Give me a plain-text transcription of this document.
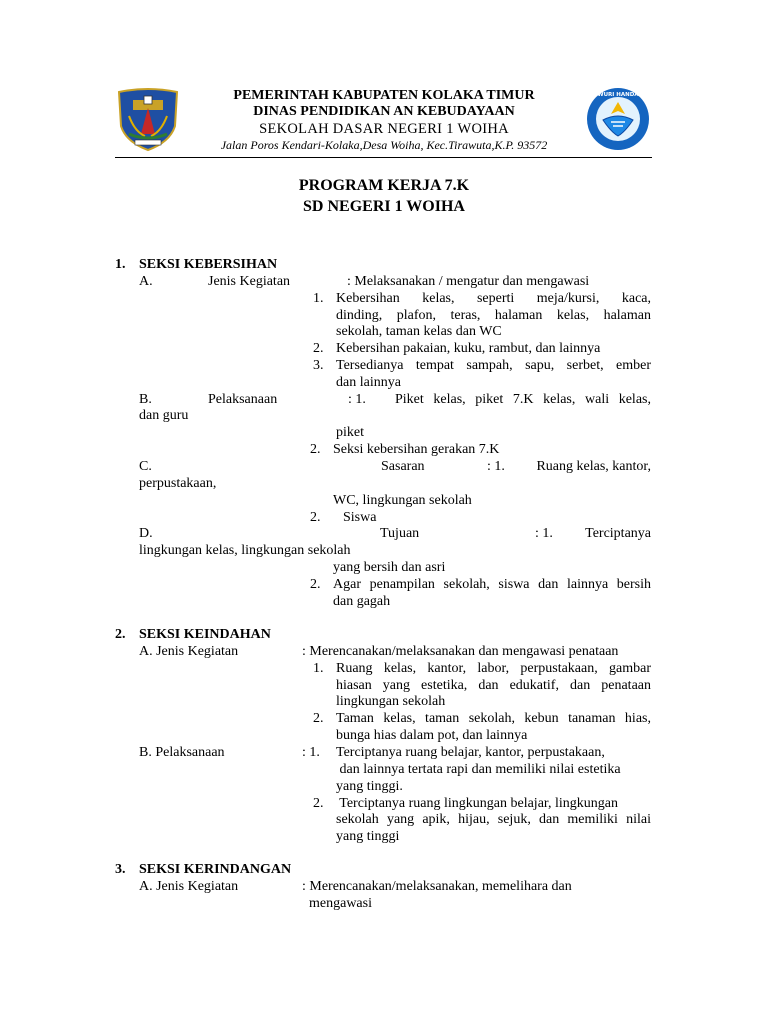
TUT WURI HANDAYANI
PEMERINTAH KABUPATEN KOLAKA TIMUR
DINAS PENDIDIKAN AN KEBUDAYAAN
SEKOLAH DASAR NEGERI 1 WOIHA
Jalan Poros Kendari-Kolaka,Desa Woiha, Kec.Tirawuta,K.P. 93572
PROGRAM KERJA 7.K
SD NEGERI 1 WOIHA
1. SEKSI KEBERSIHAN
A.	Jenis Kegiatan	: Melaksanakan / mengatur dan mengawasi
1. Kebersihan kelas, seperti meja/kursi, kaca,
dinding, plafon, teras, halaman kelas, halaman
sekolah, taman kelas dan WC
2. Kebersihan pakaian, kuku, rambut, dan lainnya
3. Tersedianya tempat sampah, sapu, serbet, ember
dan lainnya
B.	Pelaksanaan	: 1. Piket kelas, piket 7.K kelas, wali kelas,
dan guru
piket
2. Seksi kebersihan gerakan 7.K
C.	Sasaran	: 1.	Ruang kelas, kantor,
perpustakaan,
WC, lingkungan sekolah
2. Siswa
D.	Tujuan	: 1.	Terciptanya
lingkungan kelas, lingkungan sekolah
yang bersih dan asri
2. Agar penampilan sekolah, siswa dan lainnya bersih
dan gagah
2. SEKSI KEINDAHAN
A. Jenis Kegiatan	: Merencanakan/melaksanakan dan mengawasi penataan
1. Ruang kelas, kantor, labor, perpustakaan, gambar
hiasan yang estetika, dan edukatif, dan penataan
lingkungan sekolah
2. Taman kelas, taman sekolah, kebun tanaman hias,
bunga hias dalam pot, dan lainnya
B. Pelaksanaan	: 1. Terciptanya ruang belajar, kantor, perpustakaan,
dan lainnya tertata rapi dan memiliki nilai estetika
yang tinggi.
2. Terciptanya ruang lingkungan belajar, lingkungan
sekolah yang apik, hijau, sejuk, dan memiliki nilai
yang tinggi
3. SEKSI KERINDANGAN
A. Jenis Kegiatan	: Merencanakan/melaksanakan, memelihara dan
mengawasi
